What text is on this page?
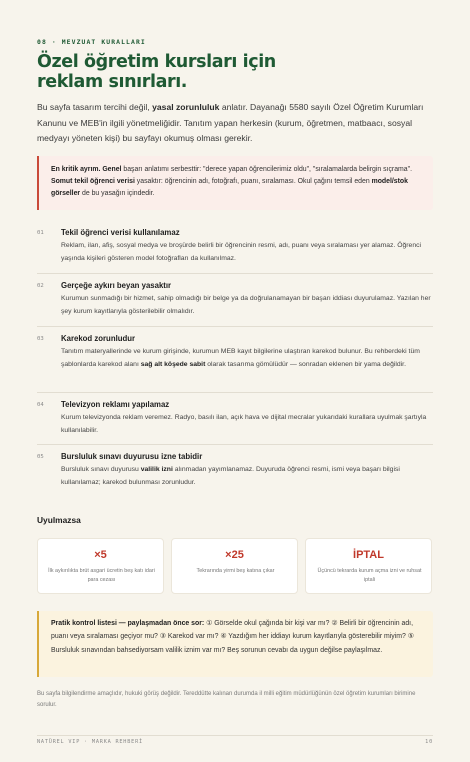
08 · MEVZUAT KURALLARI
Özel öğretim kursları için reklam sınırları.

Bu sayfa tasarım tercihi değil, yasal zorunluluk anlatır. Dayanağı 5580 sayılı Özel Öğretim Kurumları Kanunu ve MEB'in ilgili yönetmeliğidir. Tanıtım yapan herkesin (kurum, öğretmen, matbaacı, sosyal medyayı yöneten kişi) bu sayfayı okumuş olması gerekir.

En kritik ayrım. Genel başarı anlatımı serbesttir: "derece yapan öğrencilerimiz oldu", "sıralamalarda belirgin sıçrama". Somut tekil öğrenci verisi yasaktır: öğrencinin adı, fotoğrafı, puanı, sıralaması. Okul çağını temsil eden model/stok görseller de bu yasağın içindedir.
01 Tekil öğrenci verisi kullanılamaz
Reklam, ilan, afiş, sosyal medya ve broşürde belirli bir öğrencinin resmi, adı, puanı veya sıralaması yer alamaz. Öğrenci yaşında kişileri gösteren model fotoğrafları da kullanılmaz.
02 Gerçeğe aykırı beyan yasaktır
Kurumun sunmadığı bir hizmet, sahip olmadığı bir belge ya da doğrulanamayan bir başarı iddiası duyurulamaz. Yazılan her şey kurum kayıtlarıyla gösterilebilir olmalıdır.
03 Karekod zorunludur
Tanıtım materyallerinde ve kurum girişinde, kurumun MEB kayıt bilgilerine ulaştıran karekod bulunur. Bu rehberdeki tüm şablonlarda karekod alanı sağ alt köşede sabit olarak tasarıma gömülüdür — sonradan eklenen bir yama değildir.
04 Televizyon reklamı yapılamaz
Kurum televizyonda reklam veremez. Radyo, basılı ilan, açık hava ve dijital mecralar yukarıdaki kurallara uyulmak şartıyla kullanılabilir.
05 Bursluluk sınavı duyurusu izne tabidir
Bursluluk sınavı duyurusu valilik izni alınmadan yayımlanamaz. Duyuruda öğrenci resmi, ismi veya başarı bilgisi kullanılamaz; karekod bulunması zorunludur.
Uyulmazsa
×5
İlk aykırılıkta brüt asgari ücretin beş katı idari para cezası
×25
Tekrarında yirmi beş katına çıkar
İPTAL
Üçüncü tekrarda kurum açma izni ve ruhsat iptali
Pratik kontrol listesi — paylaşmadan önce sor: ① Görselde okul çağında bir kişi var mı? ② Belirli bir öğrencinin adı, puanı veya sıralaması geçiyor mu? ③ Karekod var mı? ④ Yazdığım her iddiayı kurum kayıtlarıyla gösterebilir miyim? ⑤ Bursluluk sınavından bahsediyorsam valilik iznim var mı? Beş sorunun cevabı da uygun değilse paylaşılmaz.

Bu sayfa bilgilendirme amaçlıdır, hukuki görüş değildir. Tereddütte kalınan durumda il milli eğitim müdürlüğünün özel öğretim kurumları birimine sorulur.

NATÜREL VIP · MARKA REHBERİ	10
